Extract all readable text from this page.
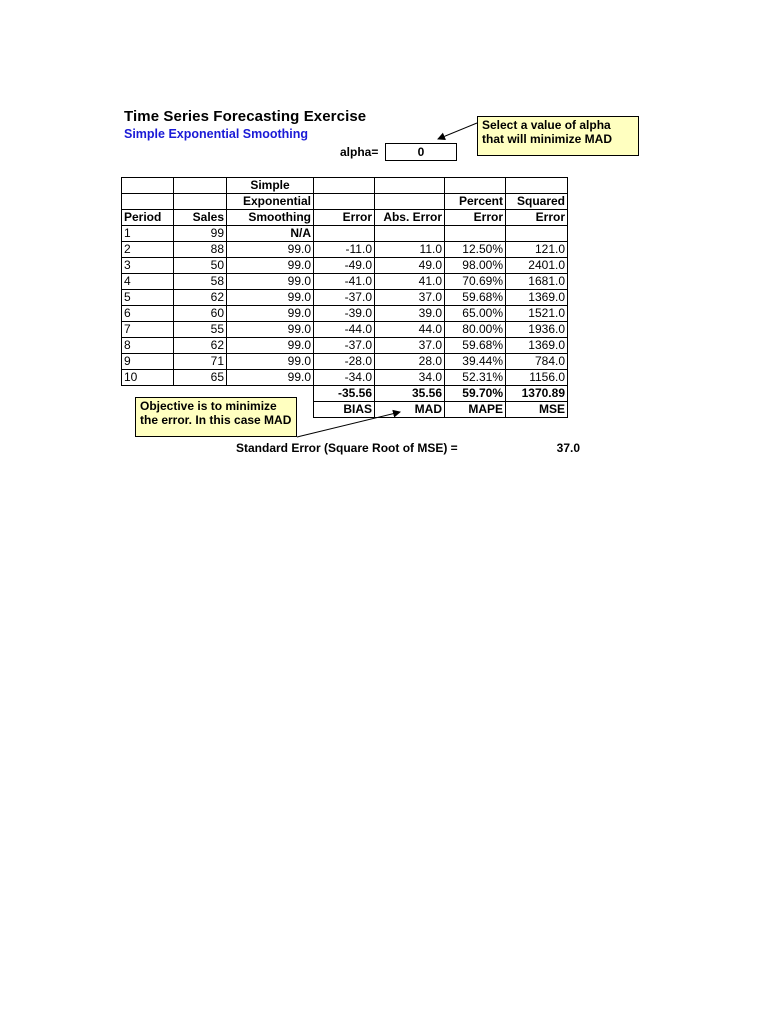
Time Series Forecasting Exercise
Simple Exponential Smoothing
alpha=	0
Select a value of alpha that will minimize MAD
		Simple				
		Exponential			Percent	Squared
Period	Sales	Smoothing	Error	Abs. Error	Error	Error
1	99	N/A				
2	88	99.0	-11.0	11.0	12.50%	121.0
3	50	99.0	-49.0	49.0	98.00%	2401.0
4	58	99.0	-41.0	41.0	70.69%	1681.0
5	62	99.0	-37.0	37.0	59.68%	1369.0
6	60	99.0	-39.0	39.0	65.00%	1521.0
7	55	99.0	-44.0	44.0	80.00%	1936.0
8	62	99.0	-37.0	37.0	59.68%	1369.0
9	71	99.0	-28.0	28.0	39.44%	784.0
10	65	99.0	-34.0	34.0	52.31%	1156.0
			-35.56	35.56	59.70%	1370.89
			BIAS	MAD	MAPE	MSE
Objective is to minimize the error. In this case MAD
Standard Error (Square Root of MSE) =	37.0
